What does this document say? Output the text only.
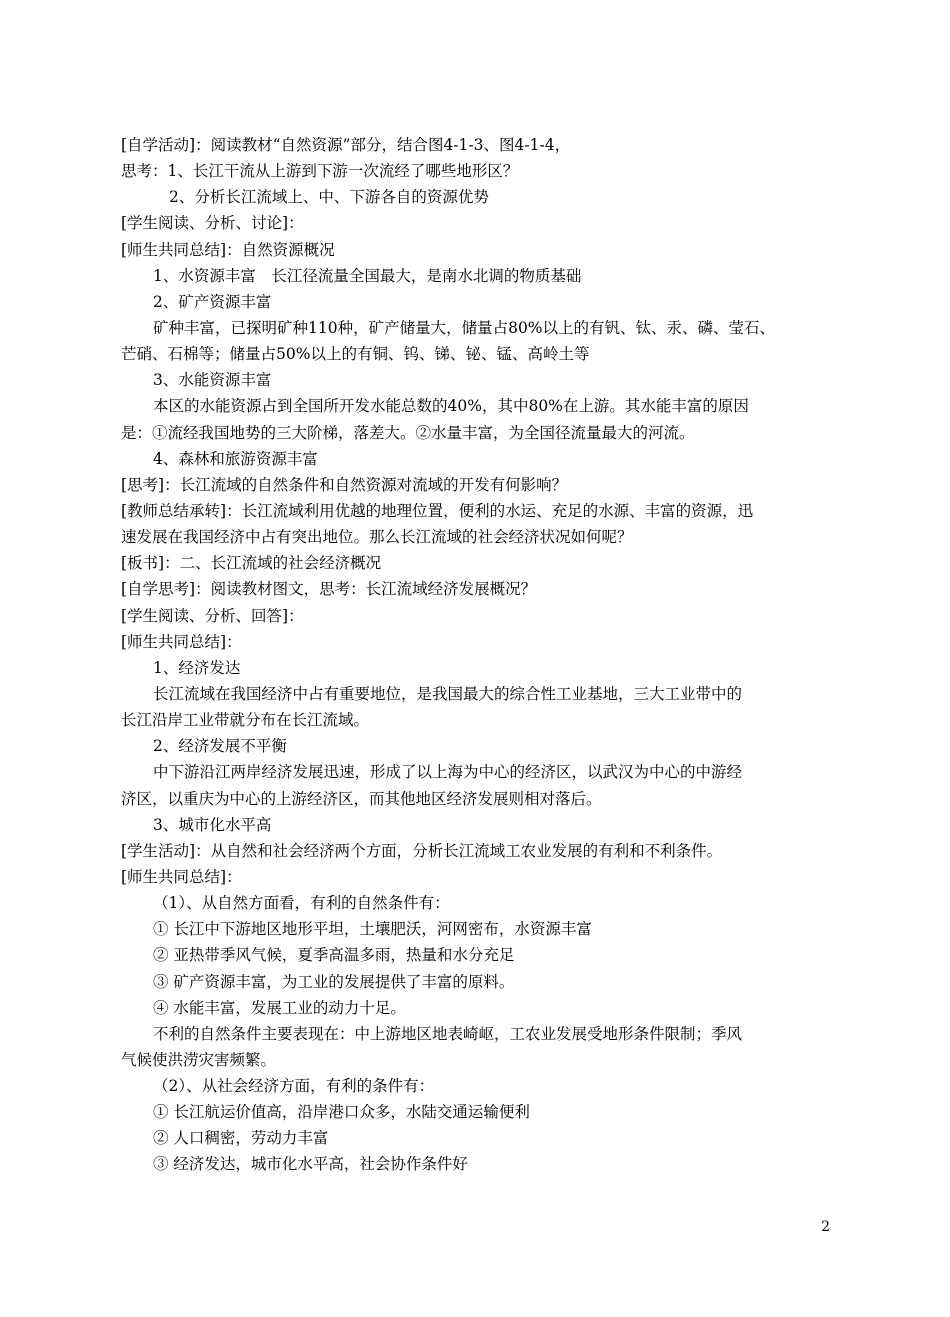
[自学活动]：阅读教材“自然资源”部分，结合图4-1-3、图4-1-4，
思考：1、长江干流从上游到下游一次流经了哪些地形区？
2、分析长江流域上、中、下游各自的资源优势
[学生阅读、分析、讨论]：
[师生共同总结]：自然资源概况
1、水资源丰富　长江径流量全国最大，是南水北调的物质基础
2、矿产资源丰富
矿种丰富，已探明矿种110种，矿产储量大，储量占80%以上的有钒、钛、汞、磷、莹石、
芒硝、石棉等；储量占50%以上的有铜、钨、锑、铋、锰、高岭土等
3、水能资源丰富
本区的水能资源占到全国所开发水能总数的40%，其中80%在上游。其水能丰富的原因
是：①流经我国地势的三大阶梯，落差大。②水量丰富，为全国径流量最大的河流。
4、森林和旅游资源丰富
[思考]：长江流域的自然条件和自然资源对流域的开发有何影响？
[教师总结承转]：长江流域利用优越的地理位置，便利的水运、充足的水源、丰富的资源，迅
速发展在我国经济中占有突出地位。那么长江流域的社会经济状况如何呢？
[板书]：二、长江流域的社会经济概况
[自学思考]：阅读教材图文，思考：长江流域经济发展概况？
[学生阅读、分析、回答]：
[师生共同总结]：
1、经济发达
长江流域在我国经济中占有重要地位，是我国最大的综合性工业基地，三大工业带中的
长江沿岸工业带就分布在长江流域。
2、经济发展不平衡
中下游沿江两岸经济发展迅速，形成了以上海为中心的经济区，以武汉为中心的中游经
济区，以重庆为中心的上游经济区，而其他地区经济发展则相对落后。
3、城市化水平高
[学生活动]：从自然和社会经济两个方面，分析长江流域工农业发展的有利和不利条件。
[师生共同总结]：
（1）、从自然方面看，有利的自然条件有：
① 长江中下游地区地形平坦，土壤肥沃，河网密布，水资源丰富
② 亚热带季风气候，夏季高温多雨，热量和水分充足
③ 矿产资源丰富，为工业的发展提供了丰富的原料。
④ 水能丰富，发展工业的动力十足。
不利的自然条件主要表现在：中上游地区地表崎岖，工农业发展受地形条件限制；季风
气候使洪涝灾害频繁。
（2）、从社会经济方面，有利的条件有：
① 长江航运价值高，沿岸港口众多，水陆交通运输便利
② 人口稠密，劳动力丰富
③ 经济发达，城市化水平高，社会协作条件好
2
